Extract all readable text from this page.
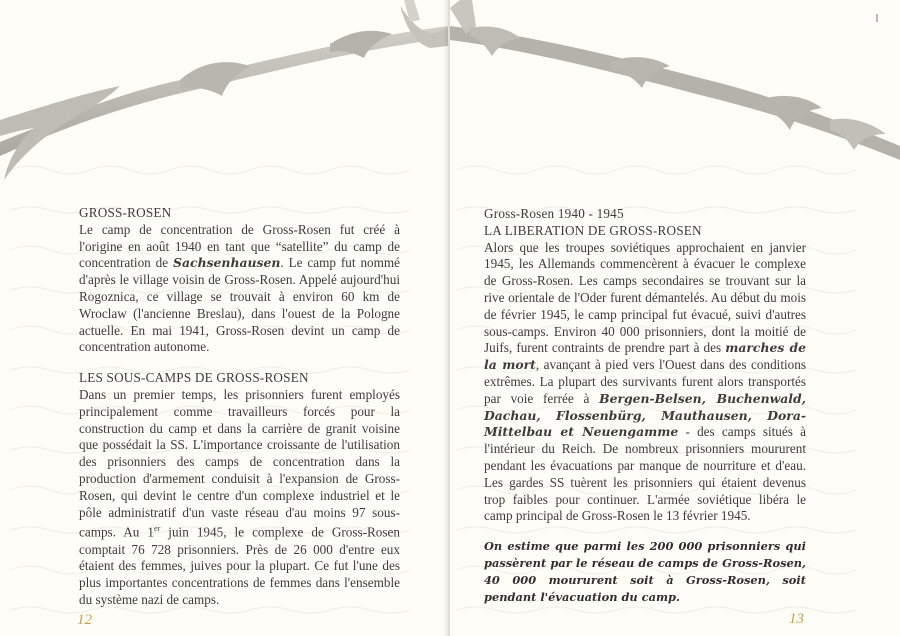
GROSS-ROSEN

Le camp de concentration de Gross-Rosen fut créé à l'origine en août 1940 en tant que “satellite” du camp de concentration de Sachsenhausen. Le camp fut nommé d'après le village voisin de Gross-Rosen. Appelé aujourd'hui Rogoznica, ce village se trouvait à environ 60 km de Wroclaw (l'ancienne Breslau), dans l'ouest de la Pologne actuelle. En mai 1941, Gross-Rosen devint un camp de concentration autonome.

LES SOUS-CAMPS DE GROSS-ROSEN

Dans un premier temps, les prisonniers furent employés principalement comme travailleurs forcés pour la construction du camp et dans la carrière de granit voisine que possédait la SS. L'importance croissante de l'utilisation des prisonniers des camps de concentration dans la production d'armement conduisit à l'expansion de Gross-Rosen, qui devint le centre d'un complexe industriel et le pôle administratif d'un vaste réseau d'au moins 97 sous-camps. Au 1er juin 1945, le complexe de Gross-Rosen comptait 76 728 prisonniers. Près de 26 000 d'entre eux étaient des femmes, juives pour la plupart. Ce fut l'une des plus importantes concentrations de femmes dans l'ensemble du système nazi de camps.

12
Gross-Rosen 1940 - 1945
LA LIBERATION DE GROSS-ROSEN

Alors que les troupes soviétiques approchaient en janvier 1945, les Allemands commencèrent à évacuer le complexe de Gross-Rosen. Les camps secondaires se trouvant sur la rive orientale de l'Oder furent démantelés. Au début du mois de février 1945, le camp principal fut évacué, suivi d'autres sous-camps. Environ 40 000 prisonniers, dont la moitié de Juifs, furent contraints de prendre part à des marches de la mort, avançant à pied vers l'Ouest dans des conditions extrêmes. La plupart des survivants furent alors transportés par voie ferrée à Bergen-Belsen, Buchenwald, Dachau, Flossenbürg, Mauthausen, Dora-Mittelbau et Neuengamme - des camps situés à l'intérieur du Reich. De nombreux prisonniers moururent pendant les évacuations par manque de nourriture et d'eau. Les gardes SS tuèrent les prisonniers qui étaient devenus trop faibles pour continuer. L'armée soviétique libéra le camp principal de Gross-Rosen le 13 février 1945.

13
On estime que parmi les 200 000 prisonniers qui passèrent par le réseau de camps de Gross-Rosen, 40 000 moururent soit à Gross-Rosen, soit pendant l'évacuation du camp.
